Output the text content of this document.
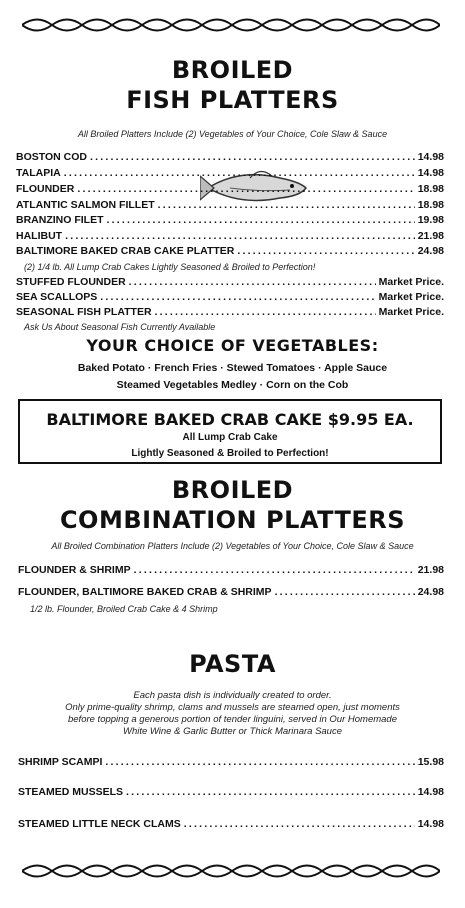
BROILED
FISH PLATTERS
All Broiled Platters Include (2) Vegetables of Your Choice, Cole Slaw & Sauce
BOSTON COD .....	14.98
TALAPIA .....	14.98
FLOUNDER .....	18.98
ATLANTIC SALMON FILLET .....	18.98
BRANZINO FILET .....	19.98
HALIBUT .....	21.98
BALTIMORE BAKED CRAB CAKE PLATTER .....	24.98
(2) 1/4 lb. All Lump Crab Cakes Lightly Seasoned & Broiled to Perfection!
STUFFED FLOUNDER .....	Market Price.
SEA SCALLOPS .....	Market Price.
SEASONAL FISH PLATTER .....	Market Price.
Ask Us About Seasonal Fish Currently Available
YOUR CHOICE OF VEGETABLES:
Baked Potato · French Fries · Stewed Tomatoes · Apple Sauce
Steamed Vegetables Medley · Corn on the Cob
BALTIMORE BAKED CRAB CAKE $9.95 EA.
All Lump Crab Cake
Lightly Seasoned & Broiled to Perfection!
BROILED
COMBINATION PLATTERS
All Broiled Combination Platters Include (2) Vegetables of Your Choice, Cole Slaw & Sauce
FLOUNDER & SHRIMP .....	21.98
FLOUNDER, BALTIMORE BAKED CRAB & SHRIMP .....	24.98
1/2 lb. Flounder, Broiled Crab Cake & 4 Shrimp
PASTA
Each pasta dish is individually created to order.
Only prime-quality shrimp, clams and mussels are steamed open, just moments
before topping a generous portion of tender linguini, served in Our Homemade
White Wine & Garlic Butter or Thick Marinara Sauce
SHRIMP SCAMPI .....	15.98
STEAMED MUSSELS .....	14.98
STEAMED LITTLE NECK CLAMS .....	14.98
